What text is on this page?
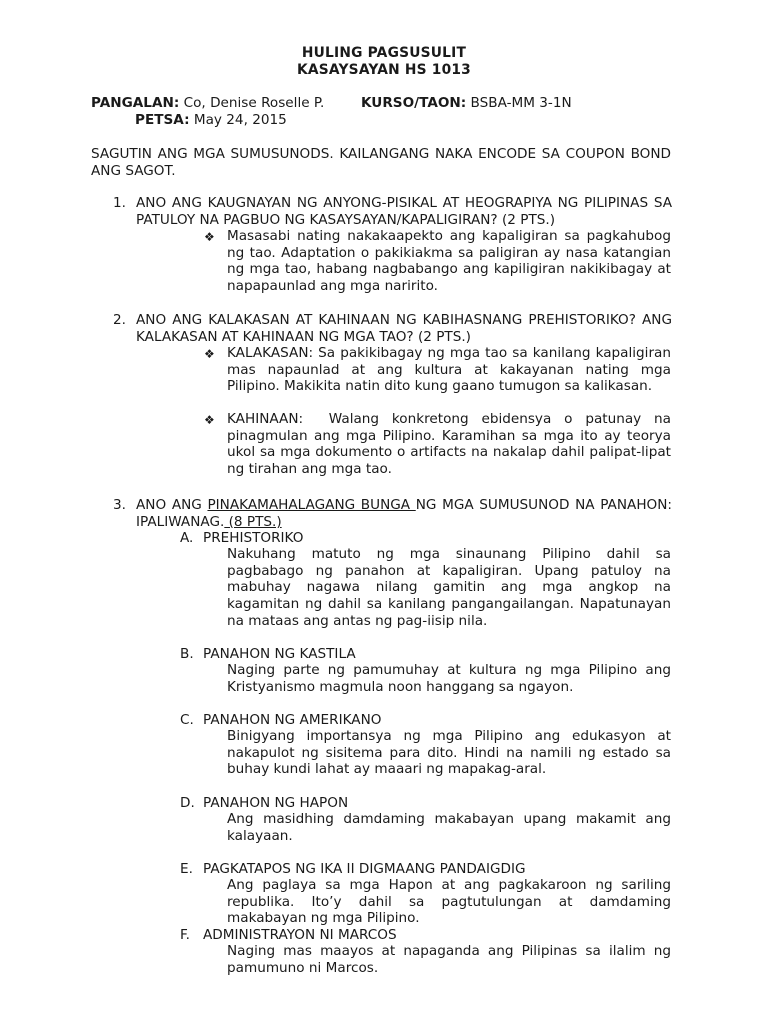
HULING PAGSUSULIT
KASAYSAYAN HS 1013
PANGALAN: Co, Denise Roselle P.	KURSO/TAON: BSBA-MM 3-1N
PETSA: May 24, 2015
SAGUTIN ANG MGA SUMUSUNODS. KAILANGANG NAKA ENCODE SA COUPON BOND
ANG SAGOT.
1. ANO ANG KAUGNAYAN NG ANYONG-PISIKAL AT HEOGRAPIYA NG PILIPINAS SA
PATULOY NA PAGBUO NG KASAYSAYAN/KAPALIGIRAN? (2 PTS.)
❖ Masasabi nating nakakaapekto ang kapaligiran sa pagkahubog
ng tao. Adaptation o pakikiakma sa paligiran ay nasa katangian
ng mga tao, habang nagbabango ang kapiligiran nakikibagay at
napapaunlad ang mga naririto.
2. ANO ANG KALAKASAN AT KAHINAAN NG KABIHASNANG PREHISTORIKO? ANG
KALAKASAN AT KAHINAAN NG MGA TAO? (2 PTS.)
❖ KALAKASAN: Sa pakikibagay ng mga tao sa kanilang kapaligiran
mas napaunlad at ang kultura at kakayanan nating mga
Pilipino. Makikita natin dito kung gaano tumugon sa kalikasan.
❖ KAHINAAN:  Walang konkretong ebidensya o patunay na
pinagmulan ang mga Pilipino. Karamihan sa mga ito ay teorya
ukol sa mga dokumento o artifacts na nakalap dahil palipat-lipat
ng tirahan ang mga tao.
3. ANO ANG PINAKAMAHALAGANG BUNGA NG MGA SUMUSUNOD NA PANAHON:
IPALIWANAG. (8 PTS.)
A. PREHISTORIKO
Nakuhang matuto ng mga sinaunang Pilipino dahil sa
pagbabago ng panahon at kapaligiran. Upang patuloy na
mabuhay nagawa nilang gamitin ang mga angkop na
kagamitan ng dahil sa kanilang pangangailangan. Napatunayan
na mataas ang antas ng pag-iisip nila.
B. PANAHON NG KASTILA
Naging parte ng pamumuhay at kultura ng mga Pilipino ang
Kristyanismo magmula noon hanggang sa ngayon.
C. PANAHON NG AMERIKANO
Binigyang importansya ng mga Pilipino ang edukasyon at
nakapulot ng sisitema para dito. Hindi na namili ng estado sa
buhay kundi lahat ay maaari ng mapakag-aral.
D. PANAHON NG HAPON
Ang masidhing damdaming makabayan upang makamit ang
kalayaan.
E. PAGKATAPOS NG IKA II DIGMAANG PANDAIGDIG
Ang paglaya sa mga Hapon at ang pagkakaroon ng sariling
republika. Ito’y dahil sa pagtutulungan at damdaming
makabayan ng mga Pilipino.
F. ADMINISTRAYON NI MARCOS
Naging mas maayos at napaganda ang Pilipinas sa ilalim ng
pamumuno ni Marcos.
